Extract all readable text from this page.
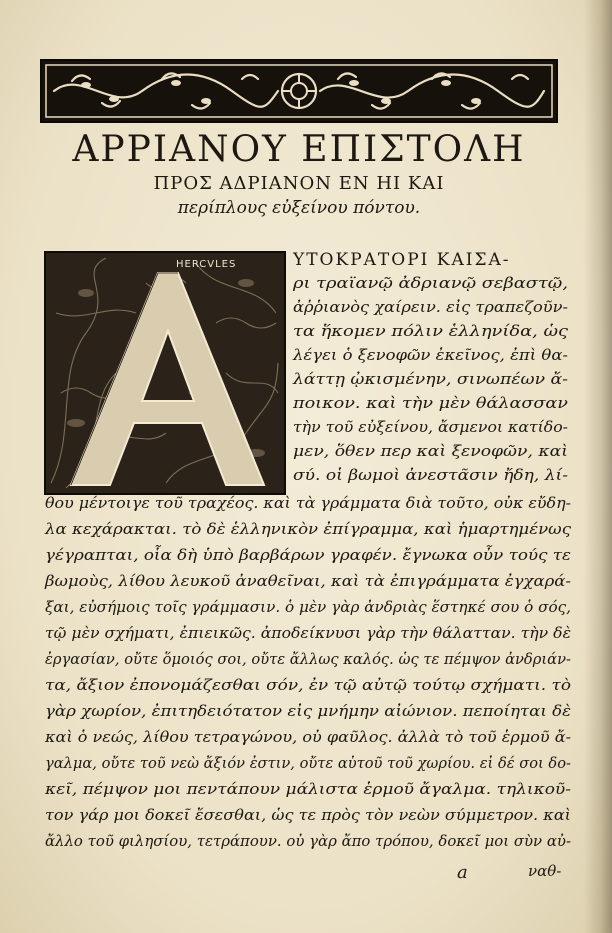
ΑΡΡΙΑΝΟΥ ΕΠΙΣΤΟΛΗ
ΠΡΟΣ ΑΔΡΙΑΝΟΝ ΕΝ ΗΙ ΚΑΙ
περίπλους εὐξείνου πόντου.
HERCVLES	ΥΤΟΚΡΑΤΟΡΙ ΚΑΙΣΑ-
ρι τραϊανῷ ἀδριανῷ σεβαστῷ,
ἀῤῥιανὸς χαίρειν. εἰς τραπεζοῦν-
τα ἥκομεν πόλιν ἑλληνίδα, ὡς
λέγει ὁ ξενοφῶν ἐκεῖνος, ἐπὶ θα-
λάττῃ ᾠκισμένην, σινωπέων ἄ-
ποικον. καὶ τὴν μὲν θάλασσαν
τὴν τοῦ εὐξείνου, ἄσμενοι κατίδο-
μεν, ὅθεν περ καὶ ξενοφῶν, καὶ
σύ. οἱ βωμοὶ ἀνεστᾶσιν ἤδη, λί-
θου μέντοιγε τοῦ τραχέος. καὶ τὰ γράμματα διὰ τοῦτο, οὐκ εὔδη-
λα κεχάρακται. τὸ δὲ ἑλληνικὸν ἐπίγραμμα, καὶ ἡμαρτημένως
γέγραπται, οἷα δὴ ὑπὸ βαρβάρων γραφέν. ἔγνωκα οὖν τούς τε
βωμοὺς, λίθου λευκοῦ ἀναθεῖναι, καὶ τὰ ἐπιγράμματα ἐγχαρά-
ξαι, εὐσήμοις τοῖς γράμμασιν. ὁ μὲν γὰρ ἀνδριὰς ἕστηκέ σου ὁ σός,
τῷ μὲν σχήματι, ἐπιεικῶς. ἀποδείκνυσι γὰρ τὴν θάλατταν. τὴν δὲ
ἐργασίαν, οὔτε ὅμοιός σοι, οὔτε ἄλλως καλός. ὡς τε πέμψον ἀνδριάν-
τα, ἄξιον ἐπονομάζεσθαι σόν, ἐν τῷ αὐτῷ τούτῳ σχήματι. τὸ
γὰρ χωρίον, ἐπιτηδειότατον εἰς μνήμην αἰώνιον. πεποίηται δὲ
καὶ ὁ νεώς, λίθου τετραγώνου, οὐ φαῦλος. ἀλλὰ τὸ τοῦ ἑρμοῦ ἄ-
γαλμα, οὔτε τοῦ νεὼ ἄξιόν ἐστιν, οὔτε αὐτοῦ τοῦ χωρίου. εἰ δέ σοι δο-
κεῖ, πέμψον μοι πεντάπουν μάλιστα ἑρμοῦ ἄγαλμα. τηλικοῦ-
τον γάρ μοι δοκεῖ ἔσεσθαι, ὡς τε πρὸς τὸν νεὼν σύμμετρον. καὶ
ἄλλο τοῦ φιλησίου, τετράπουν. οὐ γὰρ ἄπο τρόπου, δοκεῖ μοι σὺν αὐ-
a	ναθ-
